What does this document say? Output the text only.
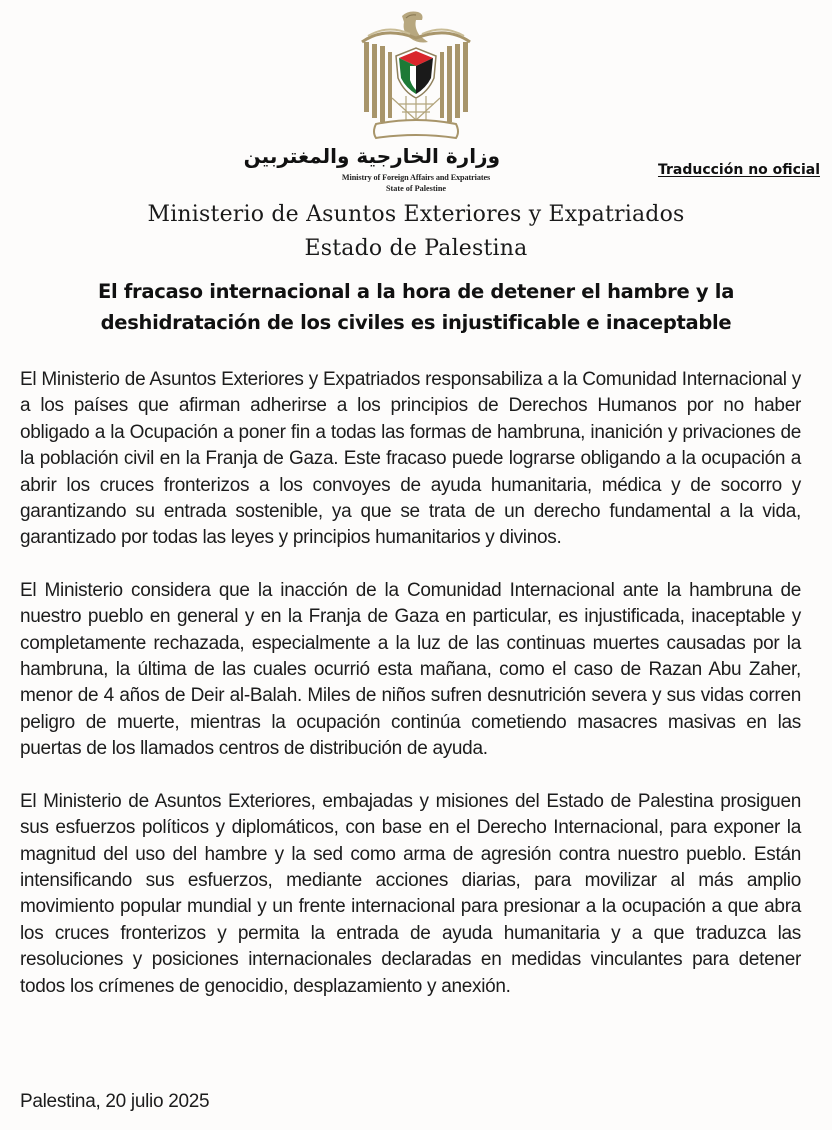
وزارة الخارجية والمغتربين
Ministry of Foreign Affairs and Expatriates
State of Palestine
Traducción no oficial
Ministerio de Asuntos Exteriores y Expatriados
Estado de Palestina
El fracaso internacional a la hora de detener el hambre y la
deshidratación de los civiles es injustificable e inaceptable

El Ministerio de Asuntos Exteriores y Expatriados responsabiliza a la Comunidad Internacional y a los países que afirman adherirse a los principios de Derechos Humanos por no haber obligado a la Ocupación a poner fin a todas las formas de hambruna, inanición y privaciones de la población civil en la Franja de Gaza. Este fracaso puede lograrse obligando a la ocupación a abrir los cruces fronterizos a los convoyes de ayuda humanitaria, médica y de socorro y garantizando su entrada sostenible, ya que se trata de un derecho fundamental a la vida, garantizado por todas las leyes y principios humanitarios y divinos.

El Ministerio considera que la inacción de la Comunidad Internacional ante la hambruna de nuestro pueblo en general y en la Franja de Gaza en particular, es injustificada, inaceptable y completamente rechazada, especialmente a la luz de las continuas muertes causadas por la hambruna, la última de las cuales ocurrió esta mañana, como el caso de Razan Abu Zaher, menor de 4 años de Deir al-Balah. Miles de niños sufren desnutrición severa y sus vidas corren peligro de muerte, mientras la ocupación continúa cometiendo masacres masivas en las puertas de los llamados centros de distribución de ayuda.

El Ministerio de Asuntos Exteriores, embajadas y misiones del Estado de Palestina prosiguen sus esfuerzos políticos y diplomáticos, con base en el Derecho Internacional, para exponer la magnitud del uso del hambre y la sed como arma de agresión contra nuestro pueblo. Están intensificando sus esfuerzos, mediante acciones diarias, para movilizar al más amplio movimiento popular mundial y un frente internacional para presionar a la ocupación a que abra los cruces fronterizos y permita la entrada de ayuda humanitaria y a que traduzca las resoluciones y posiciones internacionales declaradas en medidas vinculantes para detener todos los crímenes de genocidio, desplazamiento y anexión.

Palestina, 20 julio 2025
